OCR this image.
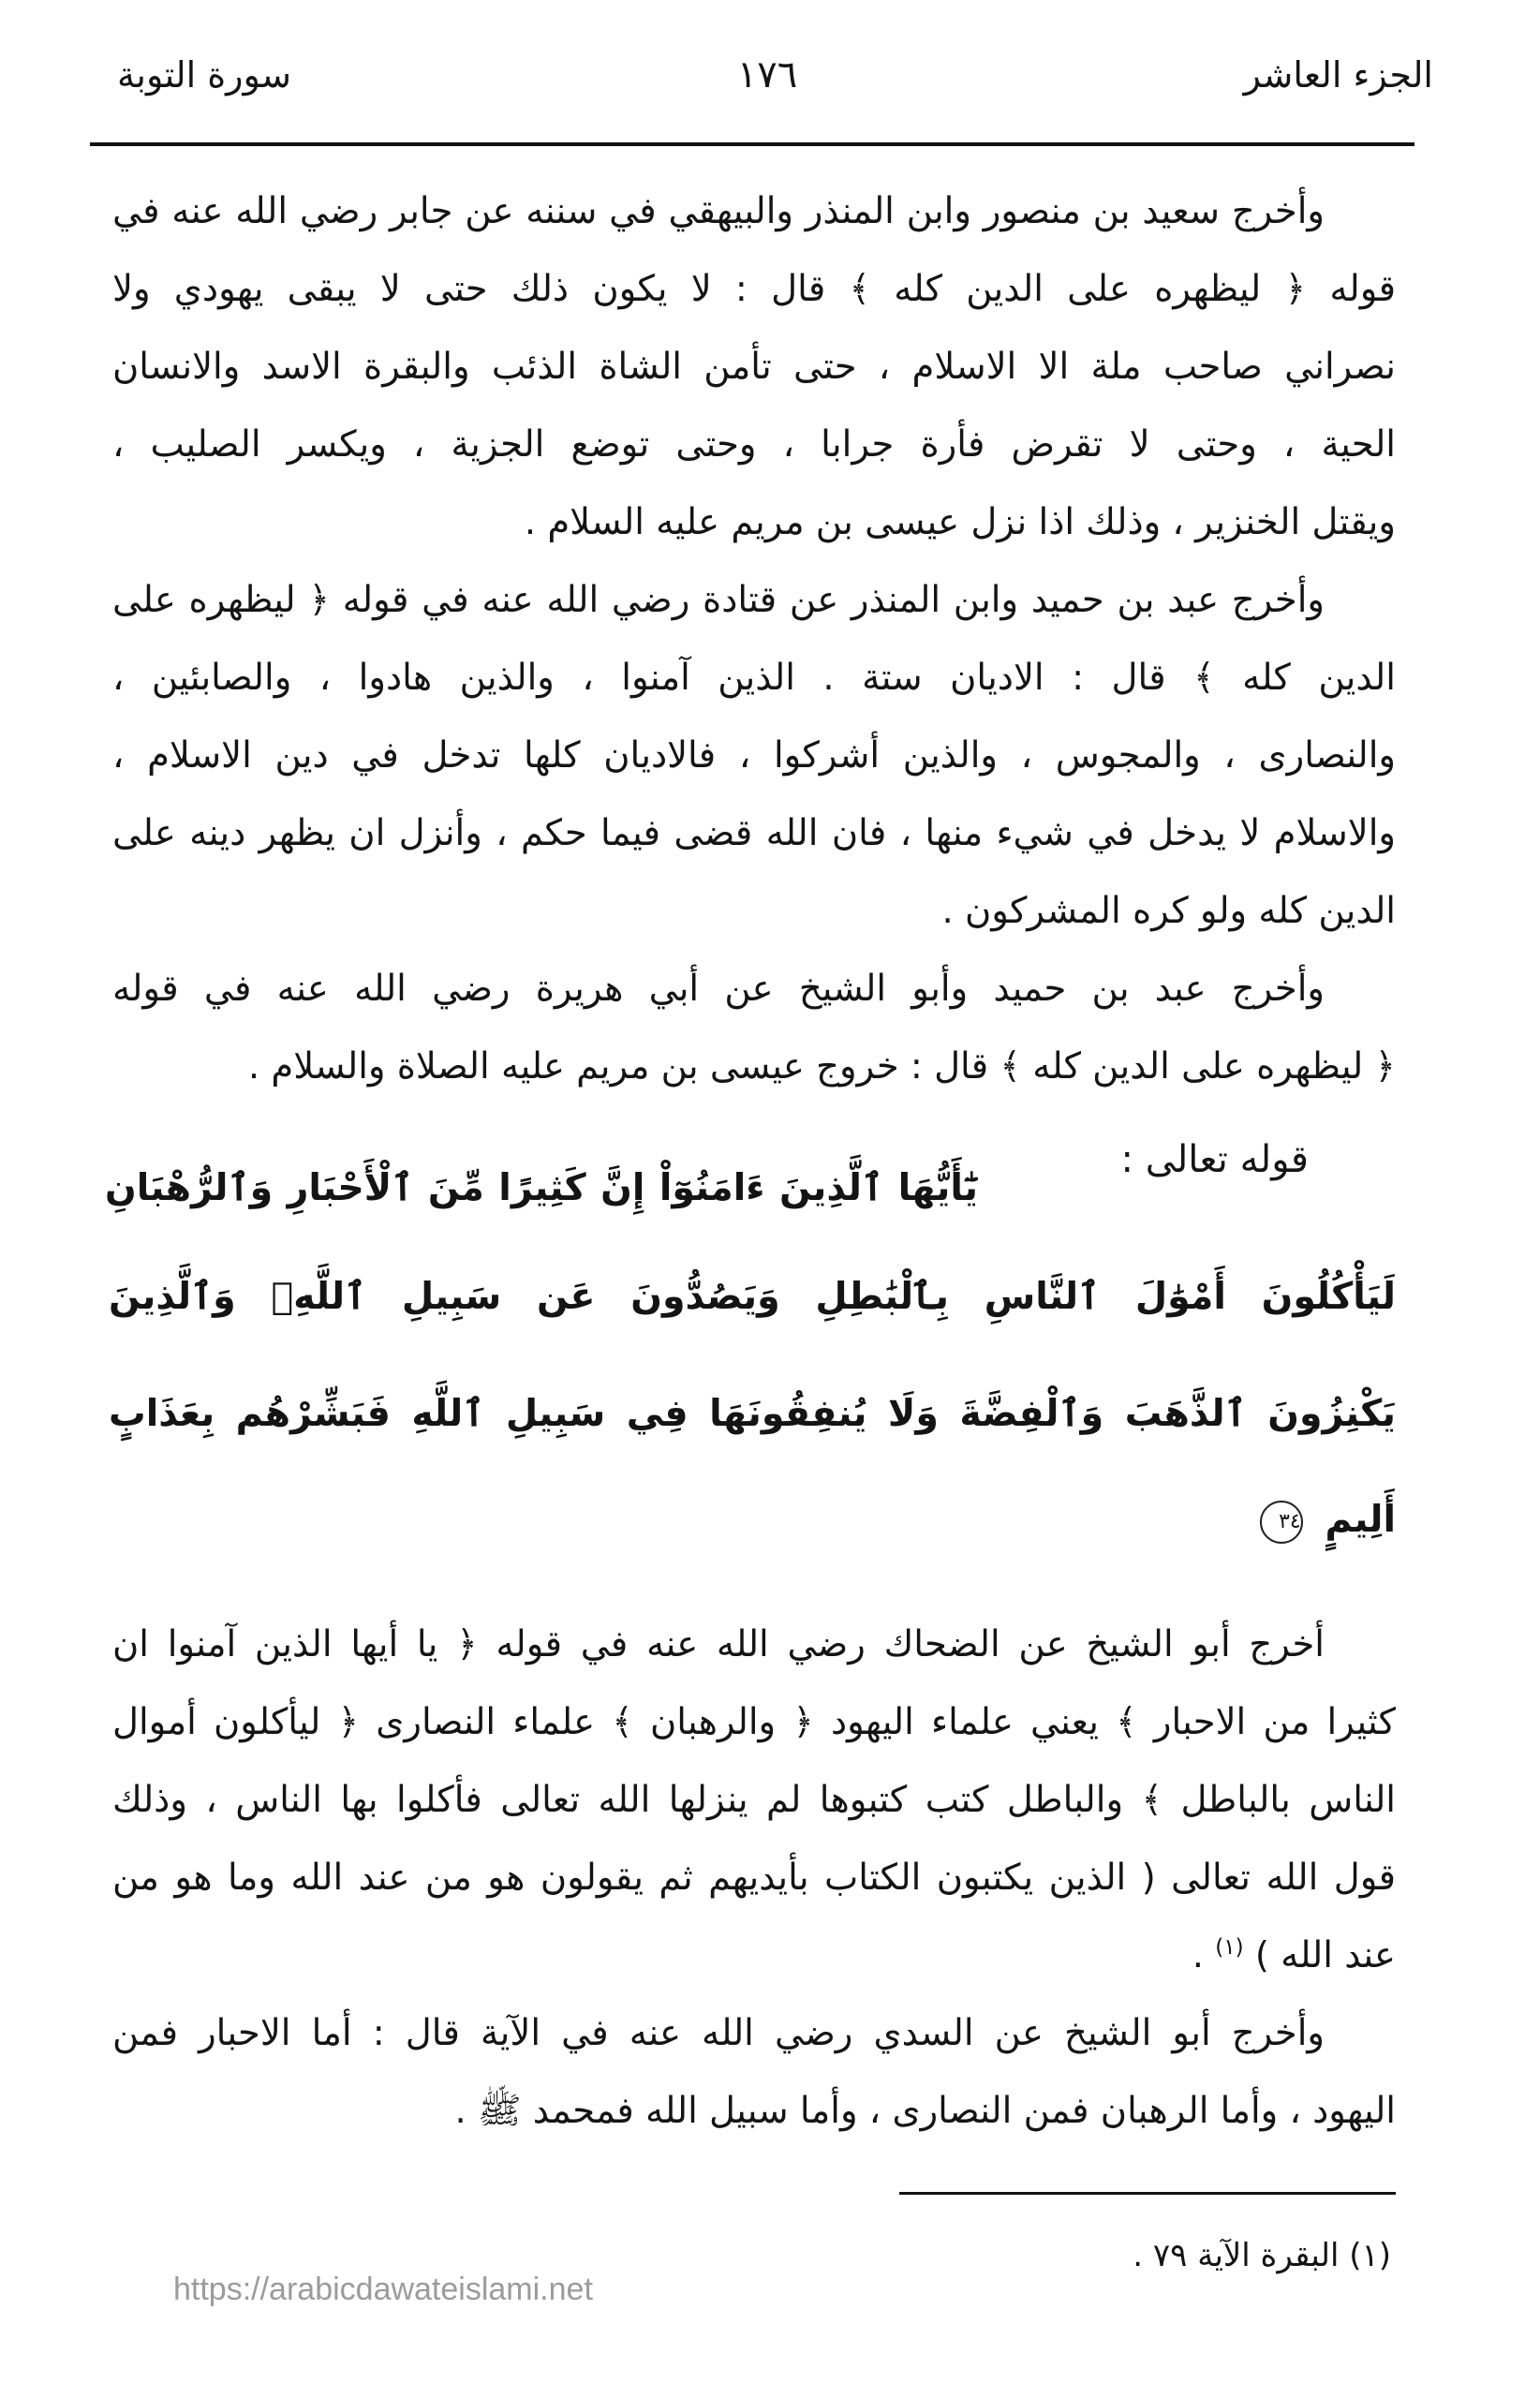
الجزء العاشر
١٧٦
سورة التوبة
وأخرج سعيد بن منصور وابن المنذر والبيهقي في سننه عن جابر رضي الله عنه في
قوله ﴿ ليظهره على الدين كله ﴾ قال : لا يكون ذلك حتى لا يبقى يهودي ولا
نصراني صاحب ملة الا الاسلام ، حتى تأمن الشاة الذئب والبقرة الاسد والانسان
الحية ، وحتى لا تقرض فأرة جرابا ، وحتى توضع الجزية ، ويكسر الصليب ،
ويقتل الخنزير ، وذلك اذا نزل عيسى بن مريم عليه السلام .
وأخرج عبد بن حميد وابن المنذر عن قتادة رضي الله عنه في قوله ﴿ ليظهره على
الدين كله ﴾ قال : الاديان ستة . الذين آمنوا ، والذين هادوا ، والصابئين ،
والنصارى ، والمجوس ، والذين أشركوا ، فالاديان كلها تدخل في دين الاسلام ،
والاسلام لا يدخل في شيء منها ، فان الله قضى فيما حكم ، وأنزل ان يظهر دينه على
الدين كله ولو كره المشركون .
وأخرج عبد بن حميد وأبو الشيخ عن أبي هريرة رضي الله عنه في قوله
﴿ ليظهره على الدين كله ﴾ قال : خروج عيسى بن مريم عليه الصلاة والسلام .
قوله تعالى :
يَٰٓأَيُّهَا ٱلَّذِينَ ءَامَنُوٓاْ إِنَّ كَثِيرًا مِّنَ ٱلْأَحْبَارِ وَٱلرُّهْبَانِ
لَيَأْكُلُونَ أَمْوَٰلَ ٱلنَّاسِ بِٱلْبَٰطِلِ وَيَصُدُّونَ عَن سَبِيلِ ٱللَّهِۗ وَٱلَّذِينَ
يَكْنِزُونَ ٱلذَّهَبَ وَٱلْفِضَّةَ وَلَا يُنفِقُونَهَا فِي سَبِيلِ ٱللَّهِ فَبَشِّرْهُم بِعَذَابٍ
أَلِيمٍ ٣٤
أخرج أبو الشيخ عن الضحاك رضي الله عنه في قوله ﴿ يا أيها الذين آمنوا ان
كثيرا من الاحبار ﴾ يعني علماء اليهود ﴿ والرهبان ﴾ علماء النصارى ﴿ ليأكلون أموال
الناس بالباطل ﴾ والباطل كتب كتبوها لم ينزلها الله تعالى فأكلوا بها الناس ، وذلك
قول الله تعالى ( الذين يكتبون الكتاب بأيديهم ثم يقولون هو من عند الله وما هو من
عند الله ) $^{(١)}$ .
وأخرج أبو الشيخ عن السدي رضي الله عنه في الآية قال : أما الاحبار فمن
اليهود ، وأما الرهبان فمن النصارى ، وأما سبيل الله فمحمد ﷺ .
(١) البقرة الآية ٧٩ .
https://arabicdawateislami.net
